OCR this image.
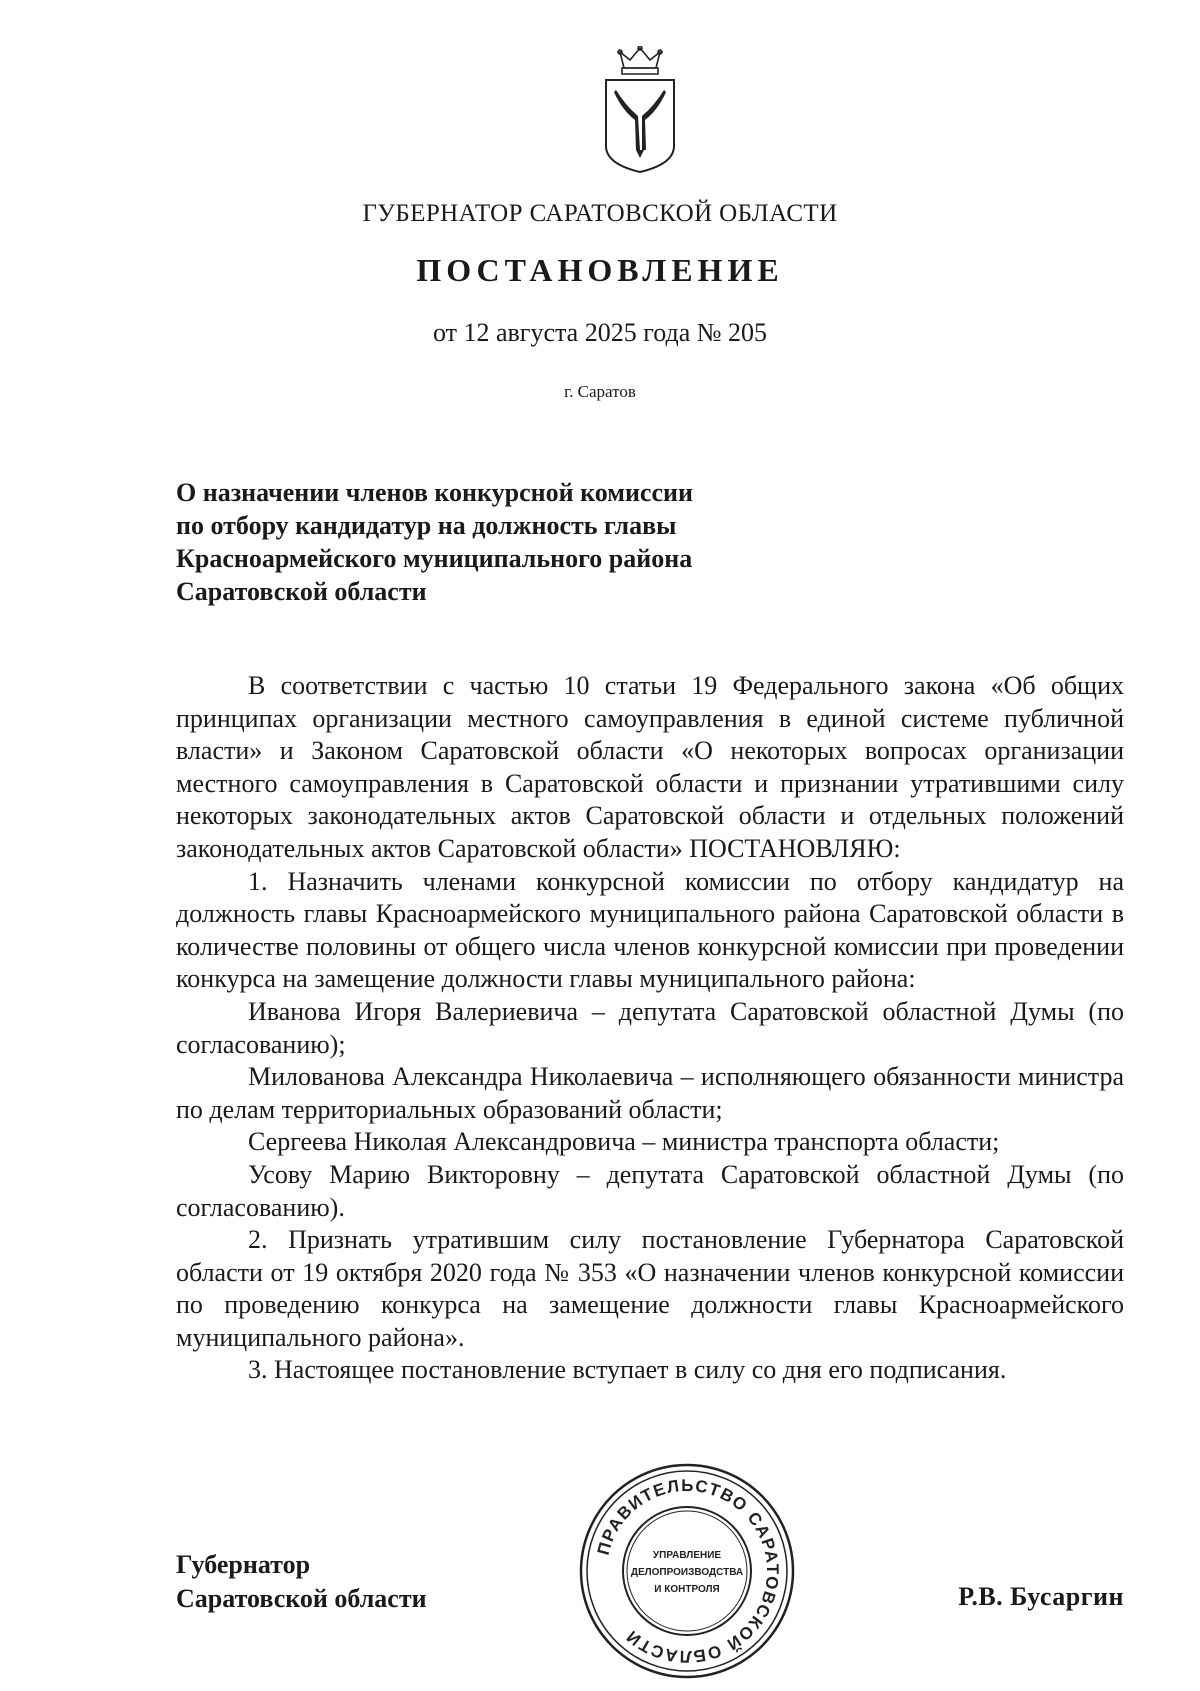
ГУБЕРНАТОР САРАТОВСКОЙ ОБЛАСТИ
ПОСТАНОВЛЕНИЕ
от 12 августа 2025 года № 205
г. Саратов
О назначении членов конкурсной комиссии
по отбору кандидатур на должность главы
Красноармейского муниципального района
Саратовской области

В соответствии с частью 10 статьи 19 Федерального закона «Об общих принципах организации местного самоуправления в единой системе публичной власти» и Законом Саратовской области «О некоторых вопросах организации местного самоуправления в Саратовской области и признании утратившими силу некоторых законодательных актов Саратовской области и отдельных положений законодательных актов Саратовской области» ПОСТАНОВЛЯЮ:

1. Назначить членами конкурсной комиссии по отбору кандидатур на должность главы Красноармейского муниципального района Саратовской области в количестве половины от общего числа членов конкурсной комиссии при проведении конкурса на замещение должности главы муниципального района:

Иванова Игоря Валериевича – депутата Саратовской областной Думы (по согласованию);

Милованова Александра Николаевича – исполняющего обязанности министра по делам территориальных образований области;

Сергеева Николая Александровича – министра транспорта области;

Усову Марию Викторовну – депутата Саратовской областной Думы (по согласованию).

2. Признать утратившим силу постановление Губернатора Саратовской области от 19 октября 2020 года № 353 «О назначении членов конкурсной комиссии по проведению конкурса на замещение должности главы Красноармейского муниципального района».

3. Настоящее постановление вступает в силу со дня его подписания.

Губернатор
Саратовской области
ПРАВИТЕЛЬСТВО САРАТОВСКОЙ ОБЛАСТИ
УПРАВЛЕНИЕ
ДЕЛОПРОИЗВОДСТВА
И КОНТРОЛЯ	Р.В. Бусаргин
